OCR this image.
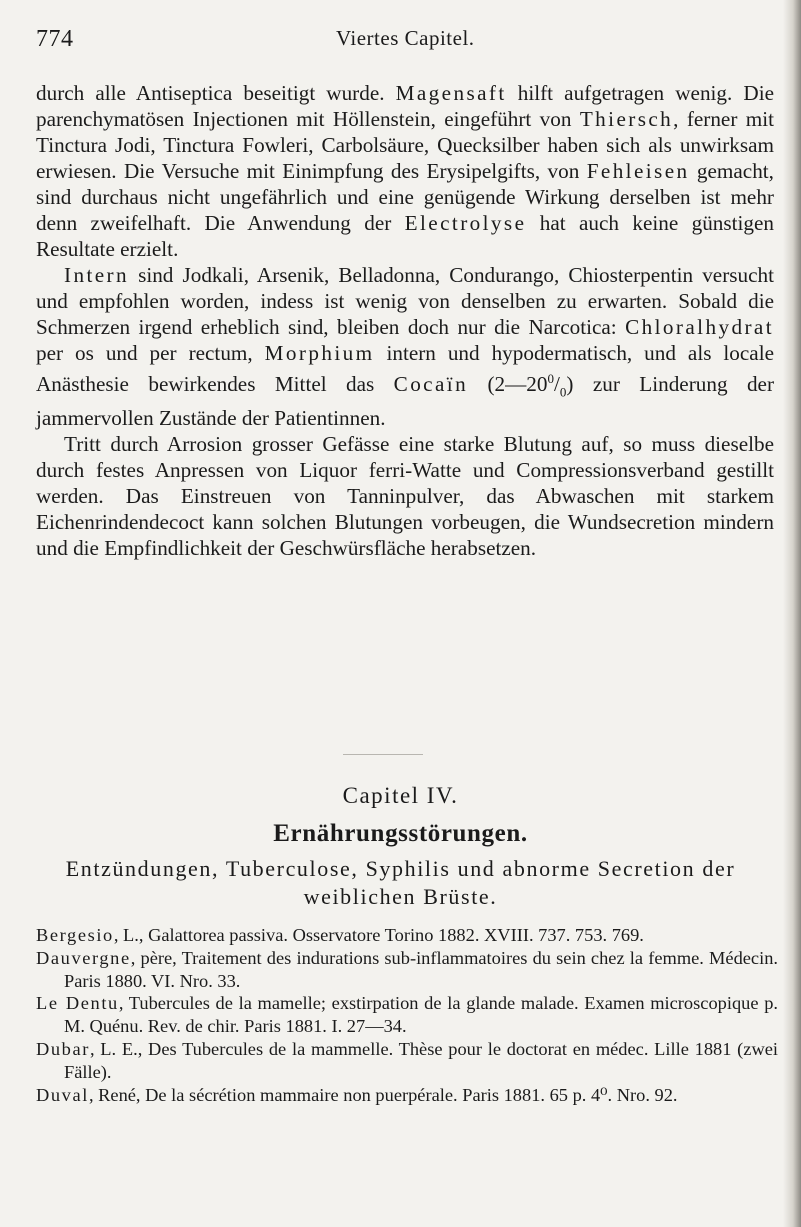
774	Viertes Capitel.

durch alle Antiseptica beseitigt wurde. Magensaft hilft aufgetragen wenig. Die parenchymatösen Injectionen mit Höllenstein, eingeführt von Thiersch, ferner mit Tinctura Jodi, Tinctura Fowleri, Carbolsäure, Quecksilber haben sich als unwirksam erwiesen. Die Versuche mit Einimpfung des Erysipelgifts, von Fehleisen gemacht, sind durchaus nicht ungefährlich und eine genügende Wirkung derselben ist mehr denn zweifelhaft. Die Anwendung der Electrolyse hat auch keine günstigen Resultate erzielt.

Intern sind Jodkali, Arsenik, Belladonna, Condurango, Chiosterpentin versucht und empfohlen worden, indess ist wenig von denselben zu erwarten. Sobald die Schmerzen irgend erheblich sind, bleiben doch nur die Narcotica: Chloralhydrat per os und per rectum, Morphium intern und hypodermatisch, und als locale Anästhesie bewirkendes Mittel das Cocaïn $(2—20^0/_0)$ zur Linderung der jammervollen Zustände der Patientinnen.

Tritt durch Arrosion grosser Gefässe eine starke Blutung auf, so muss dieselbe durch festes Anpressen von Liquor ferri-Watte und Compressionsverband gestillt werden. Das Einstreuen von Tanninpulver, das Abwaschen mit starkem Eichenrindendecoct kann solchen Blutungen vorbeugen, die Wundsecretion mindern und die Empfindlichkeit der Geschwürsfläche herabsetzen.

Capitel IV.
Ernährungsstörungen.
Entzündungen, Tuberculose, Syphilis und abnorme Secretion der weiblichen Brüste.
Bergesio, L., Galattorea passiva. Osservatore Torino 1882. XVIII. 737. 753. 769.
Dauvergne, père, Traitement des indurations sub-inflammatoires du sein chez la femme. Médecin. Paris 1880. VI. Nro. 33.
Le Dentu, Tubercules de la mamelle; exstirpation de la glande malade. Examen microscopique p. M. Quénu. Rev. de chir. Paris 1881. I. 27—34.
Dubar, L. E., Des Tubercules de la mammelle. Thèse pour le doctorat en médec. Lille 1881 (zwei Fälle).
Duval, René, De la sécrétion mammaire non puerpérale. Paris 1881. 65 p. 4⁰. Nro. 92.
